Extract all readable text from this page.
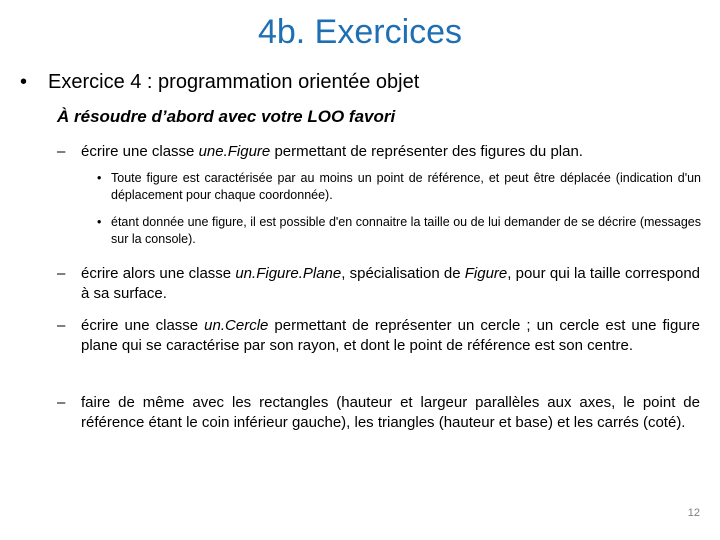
4b. Exercices
• Exercice 4 : programmation orientée objet
À résoudre d’abord avec votre LOO favori
– écrire une classe une.Figure permettant de représenter des figures du plan.
• Toute figure est caractérisée par au moins un point de référence, et peut être déplacée (indication d'un déplacement pour chaque coordonnée).
• étant donnée une figure, il est possible d'en connaitre la taille ou de lui demander de se décrire (messages sur la console).
– écrire alors une classe un.Figure.Plane, spécialisation de Figure, pour qui la taille correspond à sa surface.
– écrire une classe un.Cercle permettant de représenter un cercle ; un cercle est une figure plane qui se caractérise par son rayon, et dont le point de référence est son centre.
– faire de même avec les rectangles (hauteur et largeur parallèles aux axes, le point de référence étant le coin inférieur gauche), les triangles (hauteur et base) et les carrés (coté).
12
